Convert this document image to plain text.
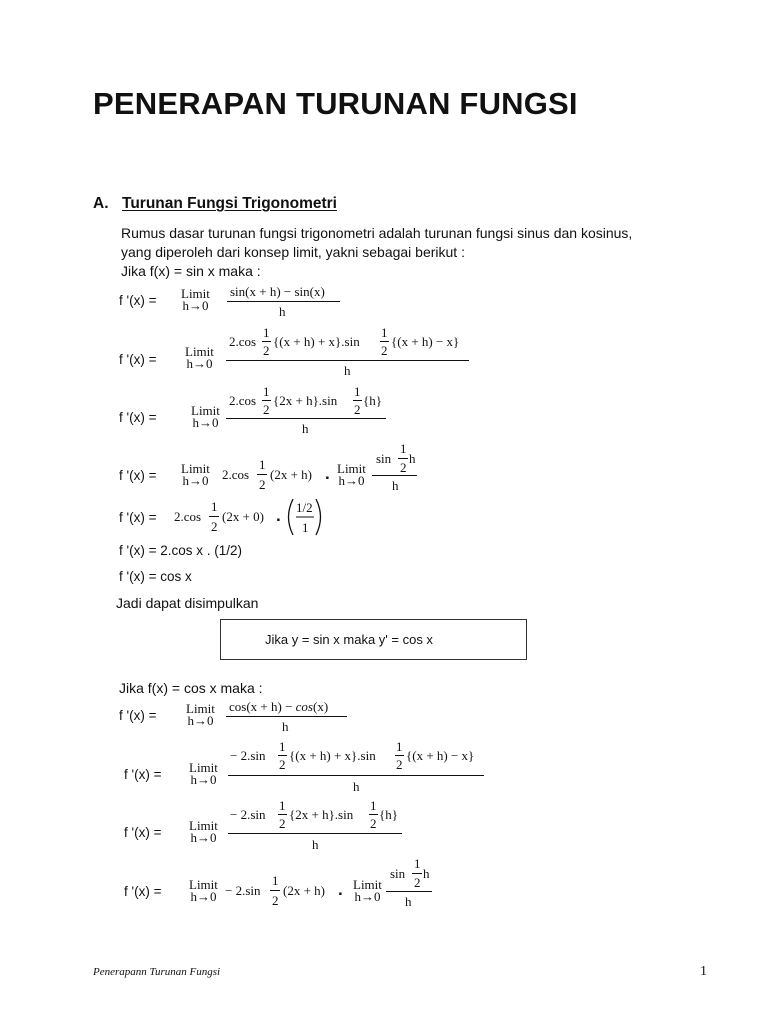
PENERAPAN TURUNAN FUNGSI
A. Turunan Fungsi Trigonometri
Rumus dasar turunan fungsi trigonometri adalah turunan fungsi sinus dan kosinus,
yang diperoleh dari konsep limit, yakni sebagai berikut :
Jika f(x) = sin x maka :
f '(x) = Limit
h→0
sin(x + h) − sin(x)
h
f '(x) =
Limit
h→0
2.cos
1
2
{(x + h) + x}.sin
1
2
{(x + h) − x}
h
f '(x) =	Limit
h→0
2.cos
1
2
{2x + h}.sin
1
2
{h}
h
f '(x) = Limit
h→0 2.cos
1
2
(2x + h) . Limit
h→0
sin
1
2
h
h
f '(x) = 2.cos
1
2
(2x + 0) . 1/2
1
f '(x) = 2.cos x . (1/2)
f '(x) = cos x
Jadi dapat disimpulkan
Jika y = sin x maka y' = cos x
Jika f(x) = cos x maka :
f '(x) = Limit
h→0
cos(x + h) − cos(x)
h
f '(x) = Limit
h→0
− 2.sin
1
2
{(x + h) + x}.sin
1
2
{(x + h) − x}
h
f '(x) = Limit
h→0
− 2.sin
1
2
{2x + h}.sin
1
2
{h}
h
f '(x) = Limit
h→0 − 2.sin
1
2
(2x + h) . Limit
h→0
sin
1
2
h
h
Penerapann Turunan Fungsi	1
